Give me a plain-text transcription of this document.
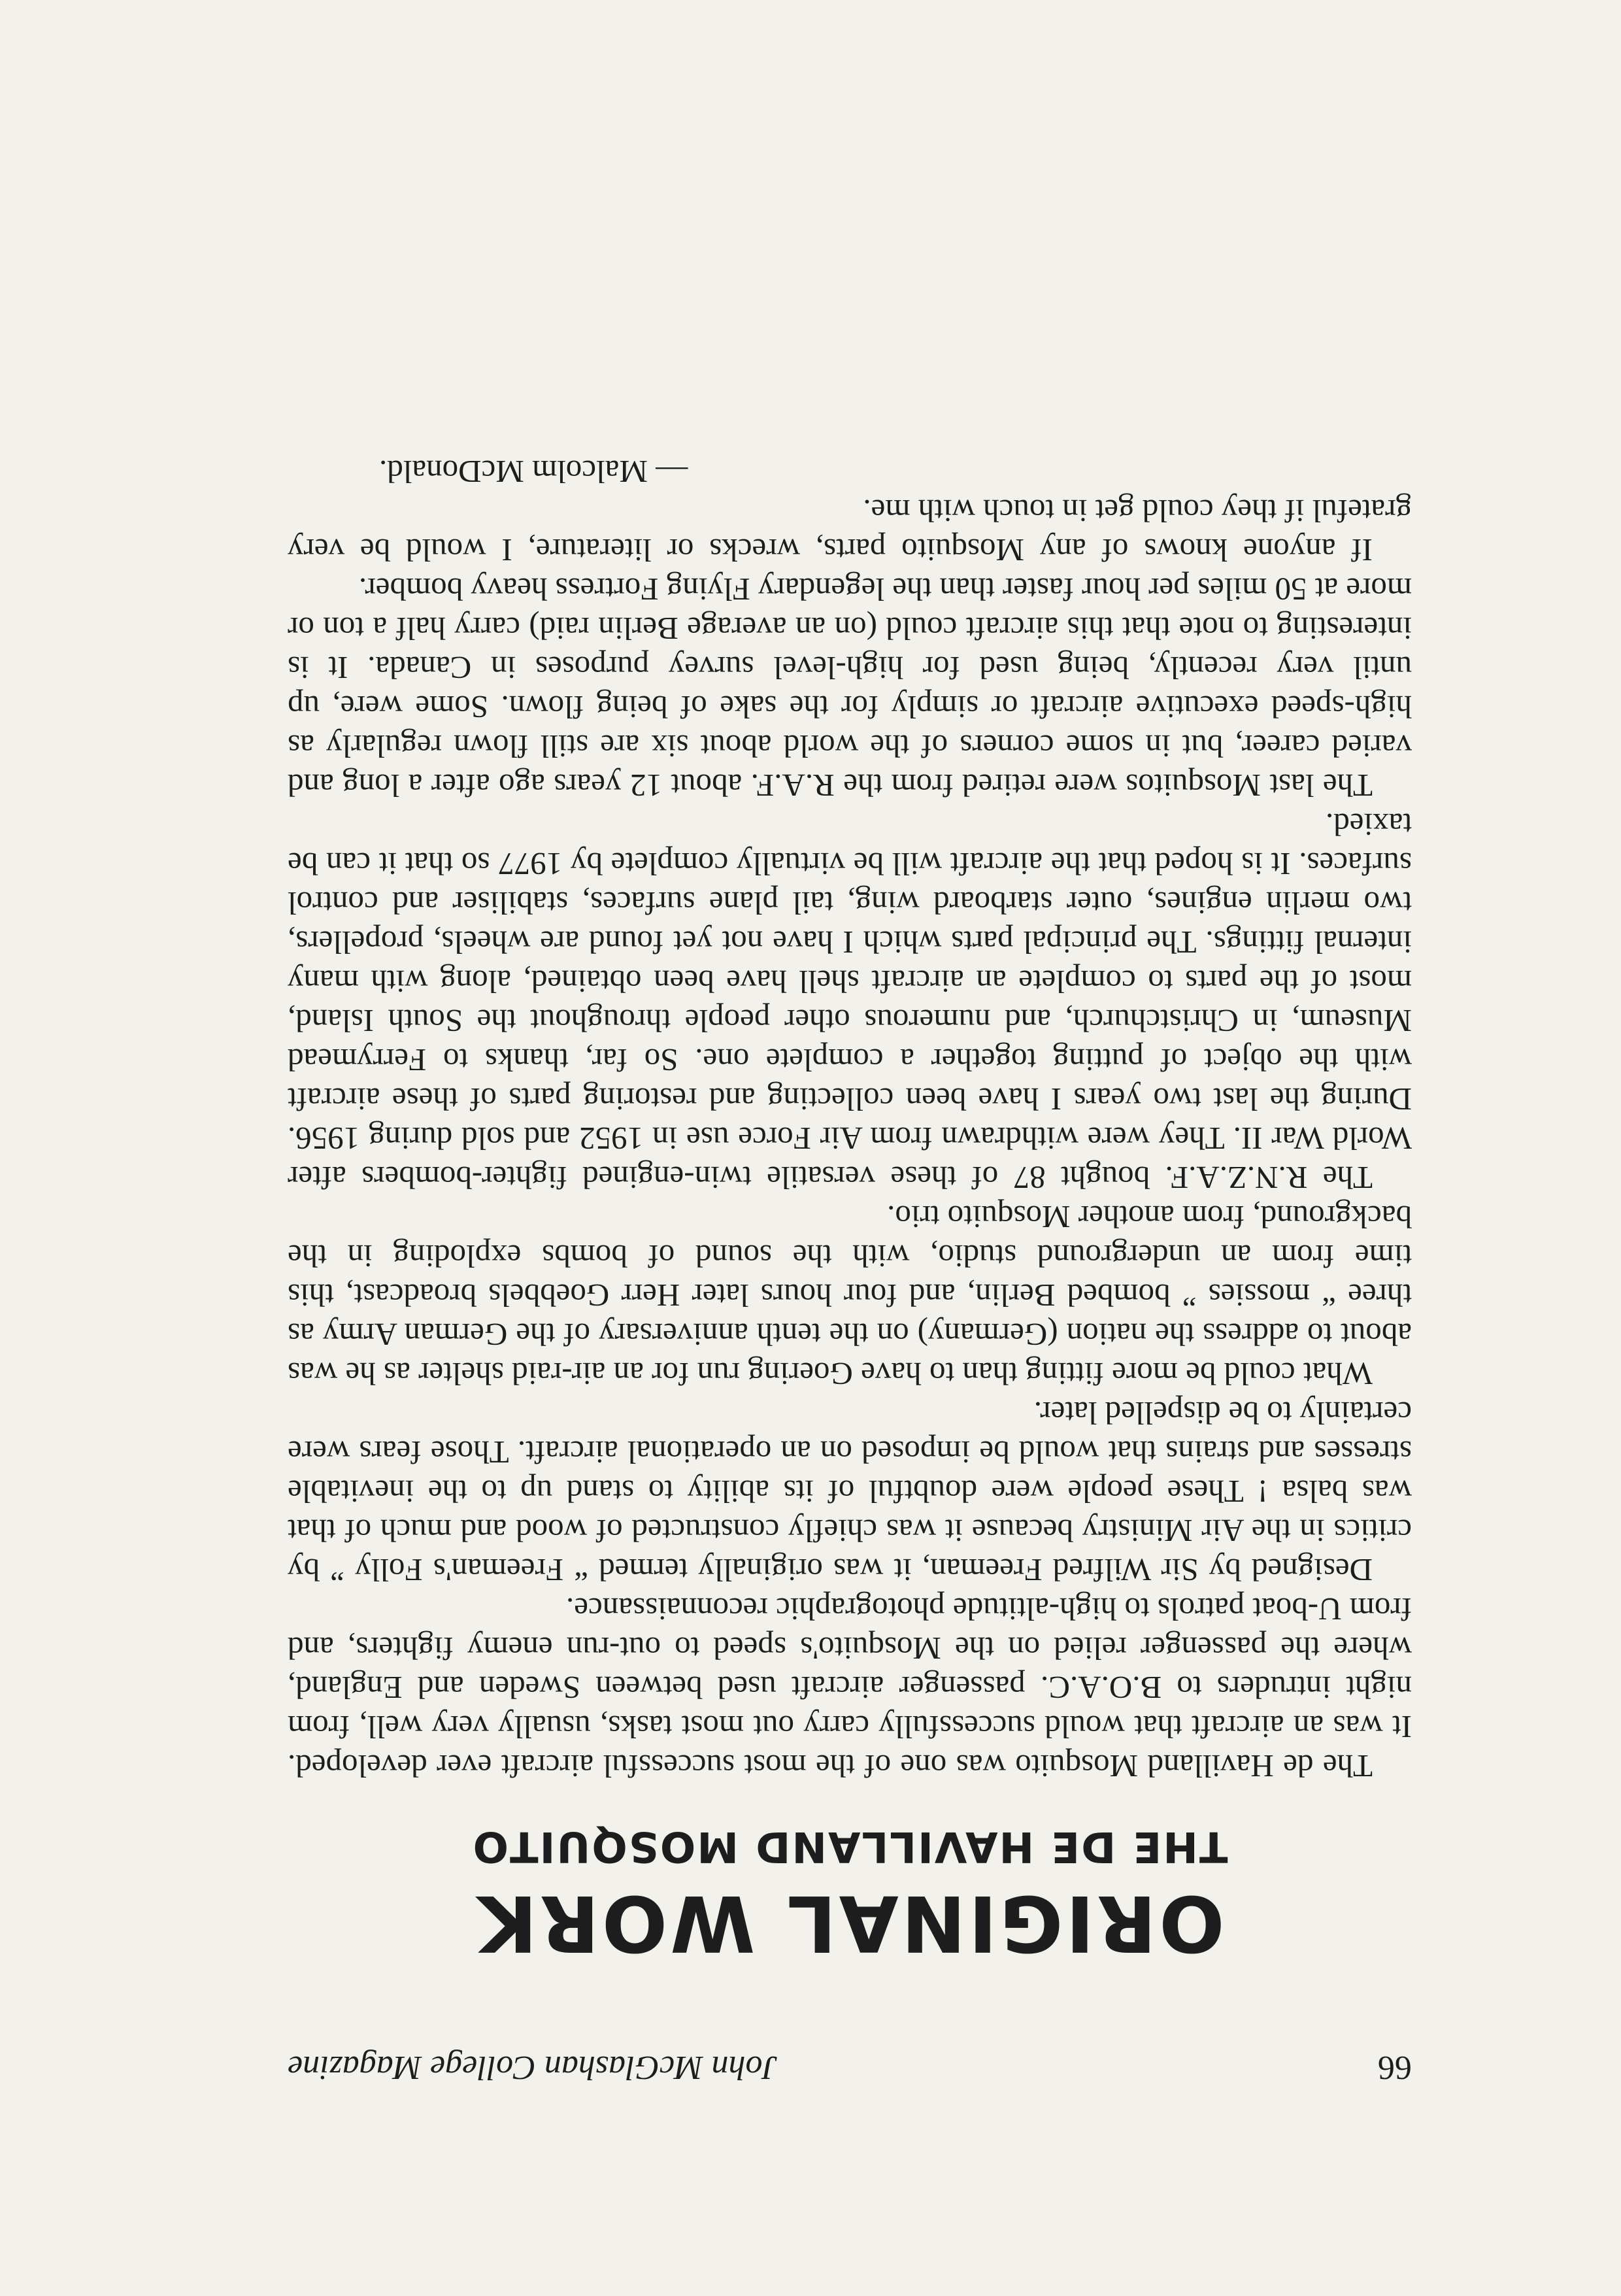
66
John McGlashan College Magazine
ORIGINAL WORK
THE DE HAVILLAND MOSQUITO

The de Havilland Mosquito was one of the most successful aircraft ever developed. It was an aircraft that would successfully carry out most tasks, usually very well, from night intruders to B.O.A.C. passenger aircraft used between Sweden and England, where the passenger relied on the Mosquito's speed to out-run enemy fighters, and from U-boat patrols to high-altitude photographic reconnaissance.

Designed by Sir Wilfred Freeman, it was originally termed “ Freeman's Folly ” by critics in the Air Ministry because it was chiefly constructed of wood and much of that was balsa ! These people were doubtful of its ability to stand up to the inevitable stresses and strains that would be imposed on an operational aircraft. Those fears were certainly to be dispelled later.

What could be more fitting than to have Goering run for an air-raid shelter as he was about to address the nation (Germany) on the tenth anniversary of the German Army as three “ mossies ” bombed Berlin, and four hours later Herr Goebbels broadcast, this time from an underground studio, with the sound of bombs exploding in the background, from another Mosquito trio.

The R.N.Z.A.F. bought 87 of these versatile twin-engined fighter-bombers after World War II. They were withdrawn from Air Force use in 1952 and sold during 1956. During the last two years I have been collecting and restoring parts of these aircraft with the object of putting together a complete one. So far, thanks to Ferrymead Museum, in Christchurch, and numerous other people throughout the South Island, most of the parts to complete an aircraft shell have been obtained, along with many internal fittings. The principal parts which I have not yet found are wheels, propellers, two merlin engines, outer starboard wing, tail plane surfaces, stabiliser and control surfaces. It is hoped that the aircraft will be virtually complete by 1977 so that it can be taxied.

The last Mosquitos were retired from the R.A.F. about 12 years ago after a long and varied career, but in some corners of the world about six are still flown regularly as high-speed executive aircraft or simply for the sake of being flown. Some were, up until very recently, being used for high-level survey purposes in Canada. It is interesting to note that this aircraft could (on an average Berlin raid) carry half a ton or more at 50 miles per hour faster than the legendary Flying Fortress heavy bomber.

If anyone knows of any Mosquito parts, wrecks or literature, I would be very grateful if they could get in touch with me.

— Malcolm McDonald.
